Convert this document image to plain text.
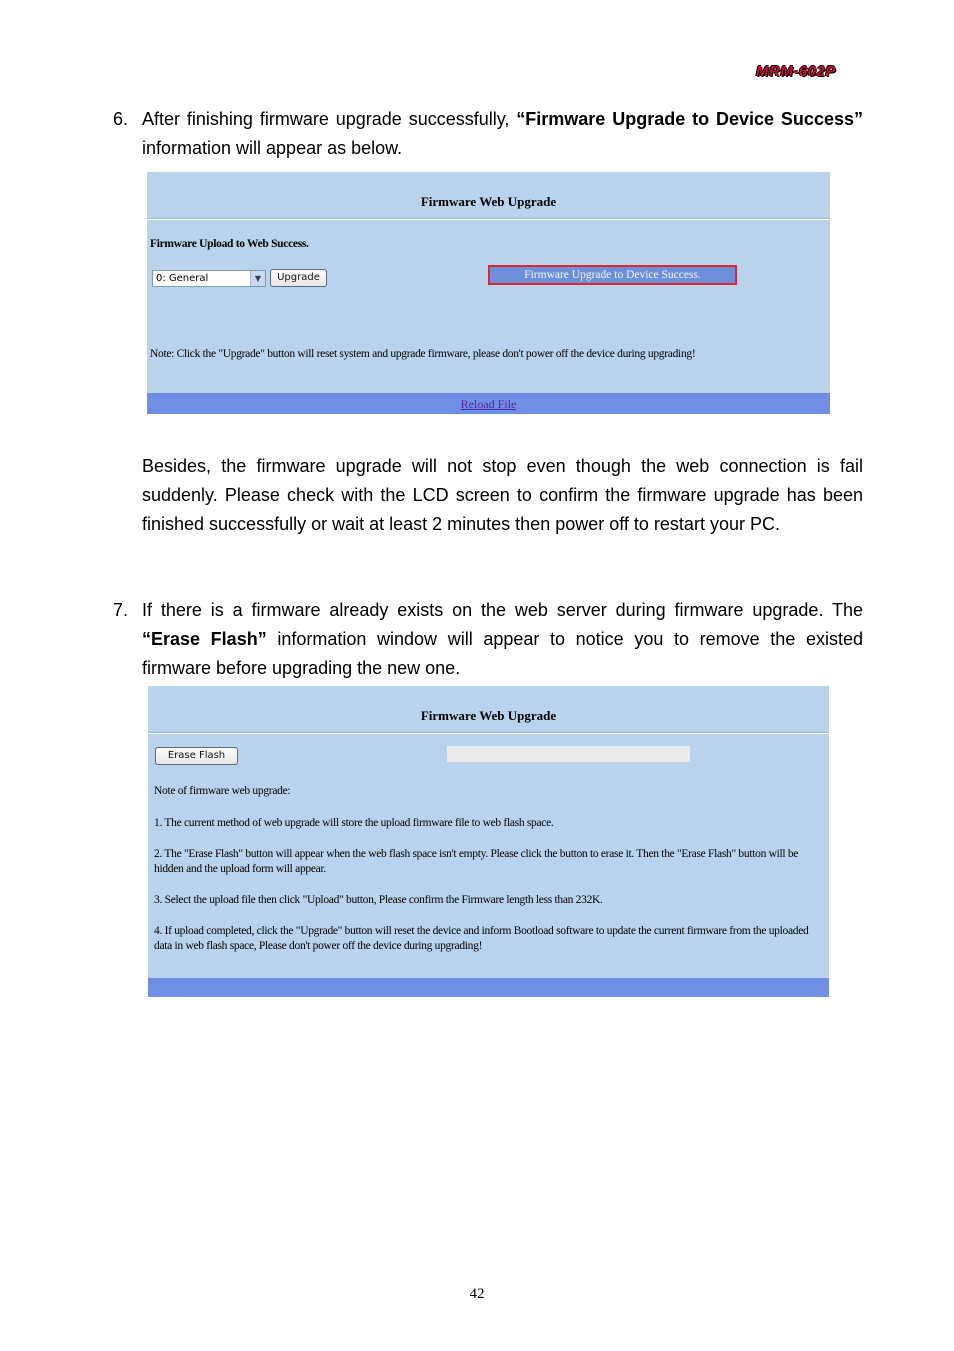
MRM-602P
6. After finishing firmware upgrade successfully, “Firmware Upgrade to Device Success” information will appear as below.
Firmware Web Upgrade
Firmware Upload to Web Success.
0: General	▼	Upgrade	Firmware Upgrade to Device Success.
Note: Click the "Upgrade" button will reset system and upgrade firmware, please don't power off the device during upgrading!
Reload File
Besides, the firmware upgrade will not stop even though the web connection is fail suddenly. Please check with the LCD screen to confirm the firmware upgrade has been finished successfully or wait at least 2 minutes then power off to restart your PC.
7. If there is a firmware already exists on the web server during firmware upgrade. The “Erase Flash” information window will appear to notice you to remove the existed firmware before upgrading the new one.
Firmware Web Upgrade
Erase Flash
Note of firmware web upgrade:
1. The current method of web upgrade will store the upload firmware file to web flash space.
2. The "Erase Flash" button will appear when the web flash space isn't empty. Please click the button to erase it. Then the "Erase Flash" button will be hidden and the upload form will appear.
3. Select the upload file then click "Upload" button, Please confirm the Firmware length less than 232K.
4. If upload completed, click the "Upgrade" button will reset the device and inform Bootload software to update the current firmware from the uploaded data in web flash space, Please don't power off the device during upgrading!
42
